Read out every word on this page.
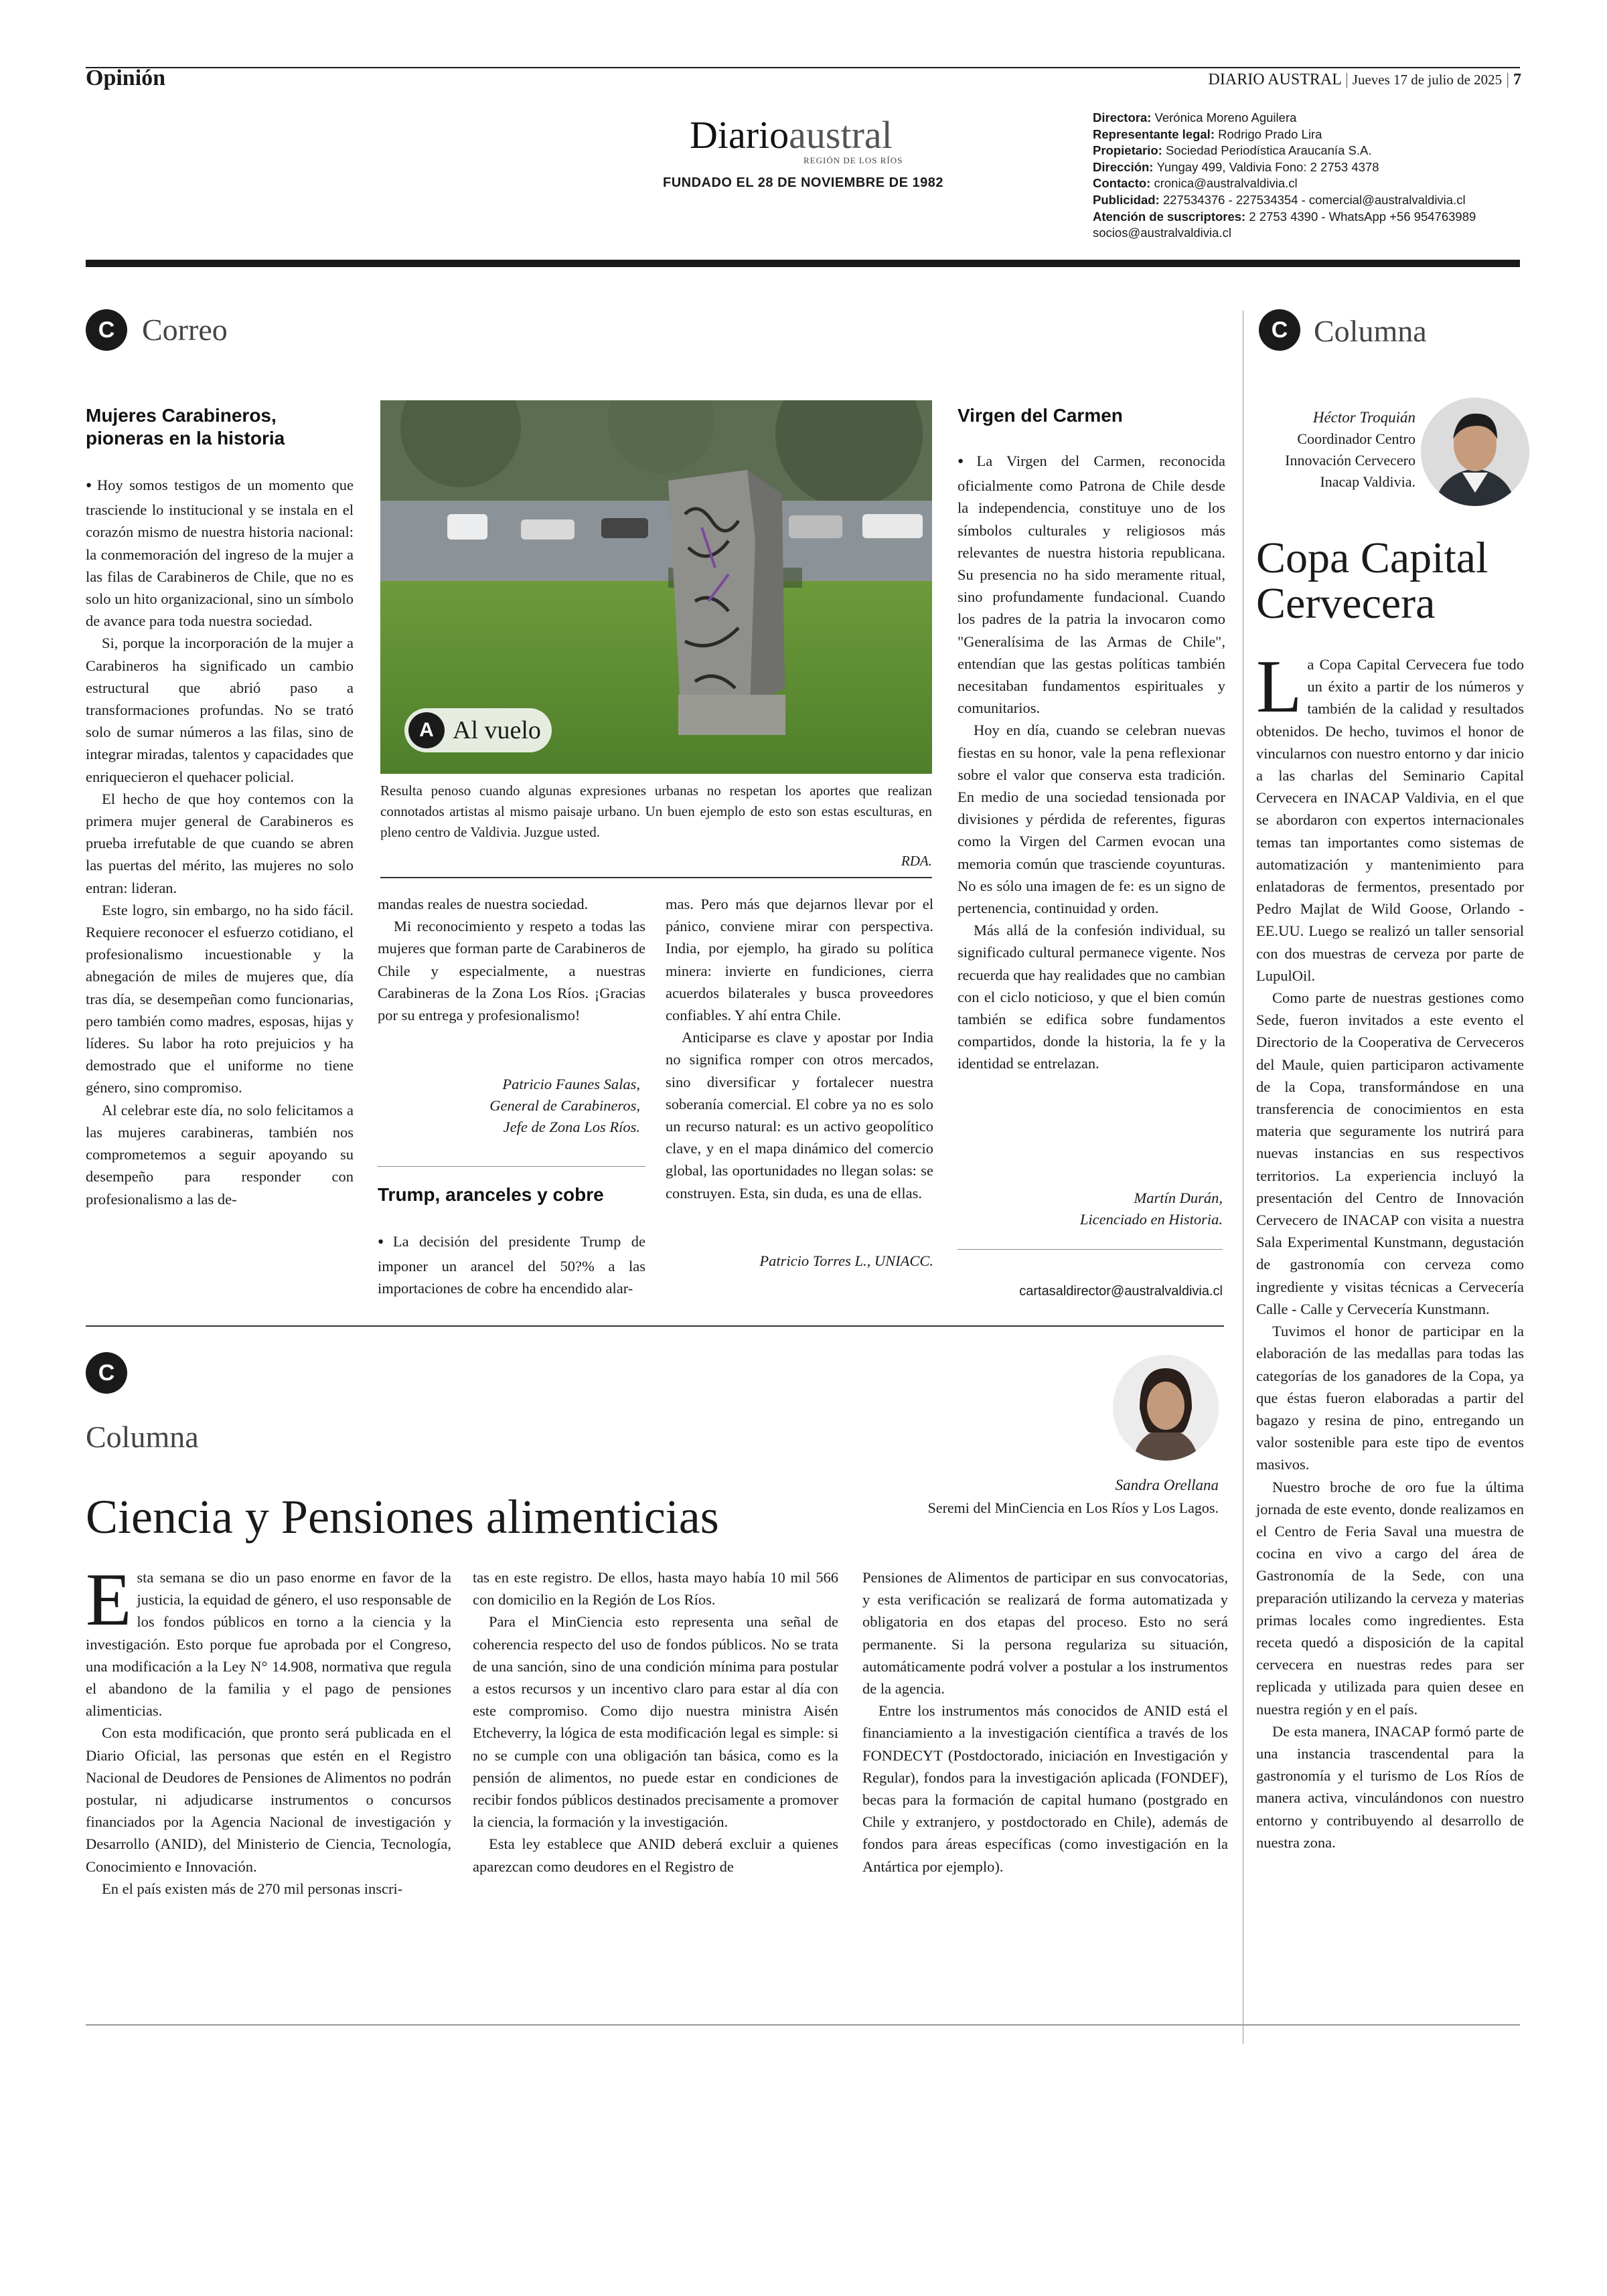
Opinión	DIARIO AUSTRAL | Jueves 17 de julio de 2025 | 7
Diarioaustral
REGIÓN DE LOS RÍOS
FUNDADO EL 28 DE NOVIEMBRE DE 1982
Directora: Verónica Moreno Aguilera
Representante legal: Rodrigo Prado Lira
Propietario: Sociedad Periodística Araucanía S.A.
Dirección: Yungay 499, Valdivia Fono: 2 2753 4378
Contacto: cronica@australvaldivia.cl
Publicidad: 227534376 - 227534354 - comercial@australvaldivia.cl
Atención de suscriptores: 2 2753 4390 - WhatsApp +56 954763989
socios@australvaldivia.cl
C Correo
Mujeres Carabineros, pioneras en la historia

● Hoy somos testigos de un momento que trasciende lo institucional y se instala en el corazón mismo de nuestra historia nacional: la conmemoración del ingreso de la mujer a las filas de Carabineros de Chile, que no es solo un hito organizacional, sino un símbolo de avance para toda nuestra sociedad.

Si, porque la incorporación de la mujer a Carabineros ha significado un cambio estructural que abrió paso a transformaciones profundas. No se trató solo de sumar números a las filas, sino de integrar miradas, talentos y capacidades que enriquecieron el quehacer policial.

El hecho de que hoy contemos con la primera mujer general de Carabineros es prueba irrefutable de que cuando se abren las puertas del mérito, las mujeres no solo entran: lideran.

Este logro, sin embargo, no ha sido fácil. Requiere reconocer el esfuerzo cotidiano, el profesionalismo incuestionable y la abnegación de miles de mujeres que, día tras día, se desempeñan como funcionarias, pero también como madres, esposas, hijas y líderes. Su labor ha roto prejuicios y ha demostrado que el uniforme no tiene género, sino compromiso.

Al celebrar este día, no solo felicitamos a las mujeres carabineras, también nos comprometemos a seguir apoyando su desempeño para responder con profesionalismo a las de-

A Al vuelo
Resulta penoso cuando algunas expresiones urbanas no respetan los aportes que realizan connotados artistas al mismo paisaje urbano. Un buen ejemplo de esto son estas esculturas, en pleno centro de Valdivia. Juzgue usted.
RDA.

mandas reales de nuestra sociedad.

Mi reconocimiento y respeto a todas las mujeres que forman parte de Carabineros de Chile y especialmente, a nuestras Carabineras de la Zona Los Ríos. ¡Gracias por su entrega y profesionalismo!

Patricio Faunes Salas,
General de Carabineros,
Jefe de Zona Los Ríos.
Trump, aranceles y cobre

● La decisión del presidente Trump de imponer un arancel del 50?% a las importaciones de cobre ha encendido alar-

mas. Pero más que dejarnos llevar por el pánico, conviene mirar con perspectiva. India, por ejemplo, ha girado su política minera: invierte en fundiciones, cierra acuerdos bilaterales y busca proveedores confiables. Y ahí entra Chile.

Anticiparse es clave y apostar por India no significa romper con otros mercados, sino diversificar y fortalecer nuestra soberanía comercial. El cobre ya no es solo un recurso natural: es un activo geopolítico clave, y en el mapa dinámico del comercio global, las oportunidades no llegan solas: se construyen. Esta, sin duda, es una de ellas.

Patricio Torres L., UNIACC.
Virgen del Carmen

● La Virgen del Carmen, reconocida oficialmente como Patrona de Chile desde la independencia, constituye uno de los símbolos culturales y religiosos más relevantes de nuestra historia republicana. Su presencia no ha sido meramente ritual, sino profundamente fundacional. Cuando los padres de la patria la invocaron como "Generalísima de las Armas de Chile", entendían que las gestas políticas también necesitaban fundamentos espirituales y comunitarios.

Hoy en día, cuando se celebran nuevas fiestas en su honor, vale la pena reflexionar sobre el valor que conserva esta tradición. En medio de una sociedad tensionada por divisiones y pérdida de referentes, figuras como la Virgen del Carmen evocan una memoria común que trasciende coyunturas. No es sólo una imagen de fe: es un signo de pertenencia, continuidad y orden.

Más allá de la confesión individual, su significado cultural permanece vigente. Nos recuerda que hay realidades que no cambian con el ciclo noticioso, y que el bien común también se edifica sobre fundamentos compartidos, donde la historia, la fe y la identidad se entrelazan.

Martín Durán,
Licenciado en Historia.
cartasaldirector@australvaldivia.cl
C Columna
Héctor Troquián
Coordinador Centro
Innovación Cervecero
Inacap Valdivia.
Copa Capital Cervecera

La Copa Capital Cervecera fue todo un éxito a partir de los números y también de la calidad y resultados obtenidos. De hecho, tuvimos el honor de vincularnos con nuestro entorno y dar inicio a las charlas del Seminario Capital Cervecera en INACAP Valdivia, en el que se abordaron con expertos internacionales temas tan importantes como sistemas de automatización y mantenimiento para enlatadoras de fermentos, presentado por Pedro Majlat de Wild Goose, Orlando - EE.UU. Luego se realizó un taller sensorial con dos muestras de cerveza por parte de LupulOil.

Como parte de nuestras gestiones como Sede, fueron invitados a este evento el Directorio de la Cooperativa de Cerveceros del Maule, quien participaron activamente de la Copa, transformándose en una transferencia de conocimientos en esta materia que seguramente los nutrirá para nuevas instancias en sus respectivos territorios. La experiencia incluyó la presentación del Centro de Innovación Cervecero de INACAP con visita a nuestra Sala Experimental Kunstmann, degustación de gastronomía con cerveza como ingrediente y visitas técnicas a Cervecería Calle - Calle y Cervecería Kunstmann.

Tuvimos el honor de participar en la elaboración de las medallas para todas las categorías de los ganadores de la Copa, ya que éstas fueron elaboradas a partir del bagazo y resina de pino, entregando un valor sostenible para este tipo de eventos masivos.

Nuestro broche de oro fue la última jornada de este evento, donde realizamos en el Centro de Feria Saval una muestra de cocina en vivo a cargo del área de Gastronomía de la Sede, con una preparación utilizando la cerveza y materias primas locales como ingredientes. Esta receta quedó a disposición de la capital cervecera en nuestras redes para ser replicada y utilizada para quien desee en nuestra región y en el país.

De esta manera, INACAP formó parte de una instancia trascendental para la gastronomía y el turismo de Los Ríos de manera activa, vinculándonos con nuestro entorno y contribuyendo al desarrollo de nuestra zona.

C
Columna
Sandra Orellana
Seremi del MinCiencia en Los Ríos y Los Lagos.
Ciencia y Pensiones alimenticias

Esta semana se dio un paso enorme en favor de la justicia, la equidad de género, el uso responsable de los fondos públicos en torno a la ciencia y la investigación. Esto porque fue aprobada por el Congreso, una modificación a la Ley N° 14.908, normativa que regula el abandono de la familia y el pago de pensiones alimenticias.

Con esta modificación, que pronto será publicada en el Diario Oficial, las personas que estén en el Registro Nacional de Deudores de Pensiones de Alimentos no podrán postular, ni adjudicarse instrumentos o concursos financiados por la Agencia Nacional de investigación y Desarrollo (ANID), del Ministerio de Ciencia, Tecnología, Conocimiento e Innovación.

En el país existen más de 270 mil personas inscri-

tas en este registro. De ellos, hasta mayo había 10 mil 566 con domicilio en la Región de Los Ríos.

Para el MinCiencia esto representa una señal de coherencia respecto del uso de fondos públicos. No se trata de una sanción, sino de una condición mínima para postular a estos recursos y un incentivo claro para estar al día con este compromiso. Como dijo nuestra ministra Aisén Etcheverry, la lógica de esta modificación legal es simple: si no se cumple con una obligación tan básica, como es la pensión de alimentos, no puede estar en condiciones de recibir fondos públicos destinados precisamente a promover la ciencia, la formación y la investigación.

Esta ley establece que ANID deberá excluir a quienes aparezcan como deudores en el Registro de

Pensiones de Alimentos de participar en sus convocatorias, y esta verificación se realizará de forma automatizada y obligatoria en dos etapas del proceso. Esto no será permanente. Si la persona regulariza su situación, automáticamente podrá volver a postular a los instrumentos de la agencia.

Entre los instrumentos más conocidos de ANID está el financiamiento a la investigación científica a través de los FONDECYT (Postdoctorado, iniciación en Investigación y Regular), fondos para la investigación aplicada (FONDEF), becas para la formación de capital humano (postgrado en Chile y extranjero, y postdoctorado en Chile), además de fondos para áreas específicas (como investigación en la Antártica por ejemplo).
